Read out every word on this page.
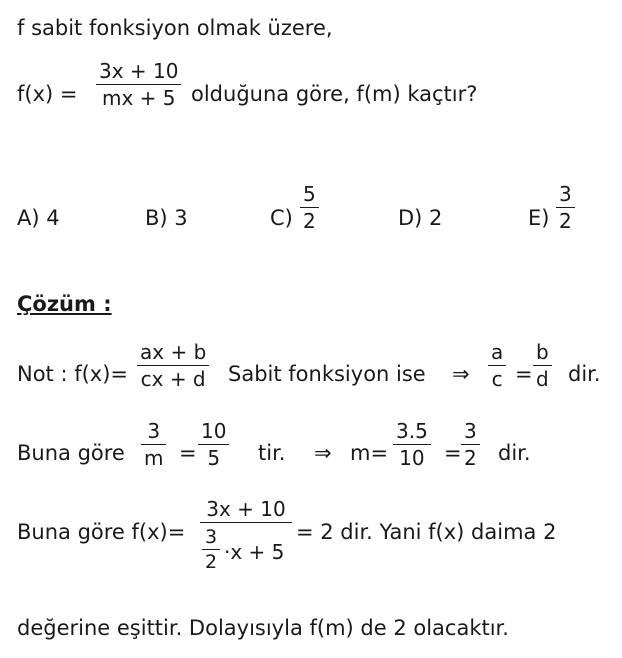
f sabit fonksiyon olmak üzere,
f(x) =
3x + 10
mx + 5 olduğuna göre, f(m) kaçtır?
A) 4	B) 3	C)
5
2	D) 2	E)
3
2
Çözüm :
Not : f(x)=
ax + b
cx + d Sabit fonksiyon ise ⇒
a
c =
b
d dir.
Buna göre
3
m =
10
5	tir. ⇒ m=
3.5
10 =
3
2 dir.
Buna göre f(x)=
3x + 10
3
2 ·x + 5
= 2 dir. Yani f(x) daima 2
değerine eşittir. Dolayısıyla f(m) de 2 olacaktır.
